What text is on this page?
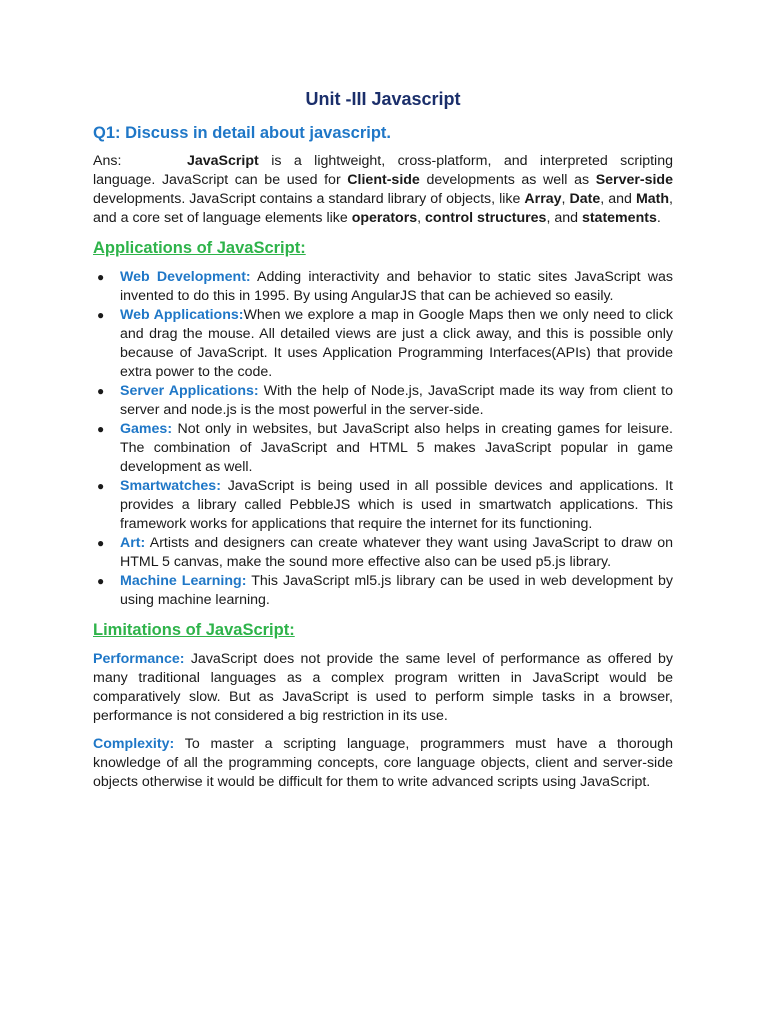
Unit -III Javascript
Q1: Discuss in detail about javascript.

Ans:	JavaScript is a lightweight, cross-platform, and interpreted scripting language. JavaScript can be used for Client-side developments as well as Server-side developments. JavaScript contains a standard library of objects, like Array, Date, and Math, and a core set of language elements like operators, control structures, and statements.

Applications of JavaScript:
● Web Development: Adding interactivity and behavior to static sites JavaScript was invented to do this in 1995. By using AngularJS that can be achieved so easily.
● Web Applications:When we explore a map in Google Maps then we only need to click and drag the mouse. All detailed views are just a click away, and this is possible only because of JavaScript. It uses Application Programming Interfaces(APIs) that provide extra power to the code.
● Server Applications: With the help of Node.js, JavaScript made its way from client to server and node.js is the most powerful in the server-side.
● Games: Not only in websites, but JavaScript also helps in creating games for leisure. The combination of JavaScript and HTML 5 makes JavaScript popular in game development as well.
● Smartwatches: JavaScript is being used in all possible devices and applications. It provides a library called PebbleJS which is used in smartwatch applications. This framework works for applications that require the internet for its functioning.
● Art: Artists and designers can create whatever they want using JavaScript to draw on HTML 5 canvas, make the sound more effective also can be used p5.js library.
● Machine Learning: This JavaScript ml5.js library can be used in web development by using machine learning.
Limitations of JavaScript:

Performance: JavaScript does not provide the same level of performance as offered by many traditional languages as a complex program written in JavaScript would be comparatively slow. But as JavaScript is used to perform simple tasks in a browser, performance is not considered a big restriction in its use.

Complexity: To master a scripting language, programmers must have a thorough knowledge of all the programming concepts, core language objects, client and server-side objects otherwise it would be difficult for them to write advanced scripts using JavaScript.
